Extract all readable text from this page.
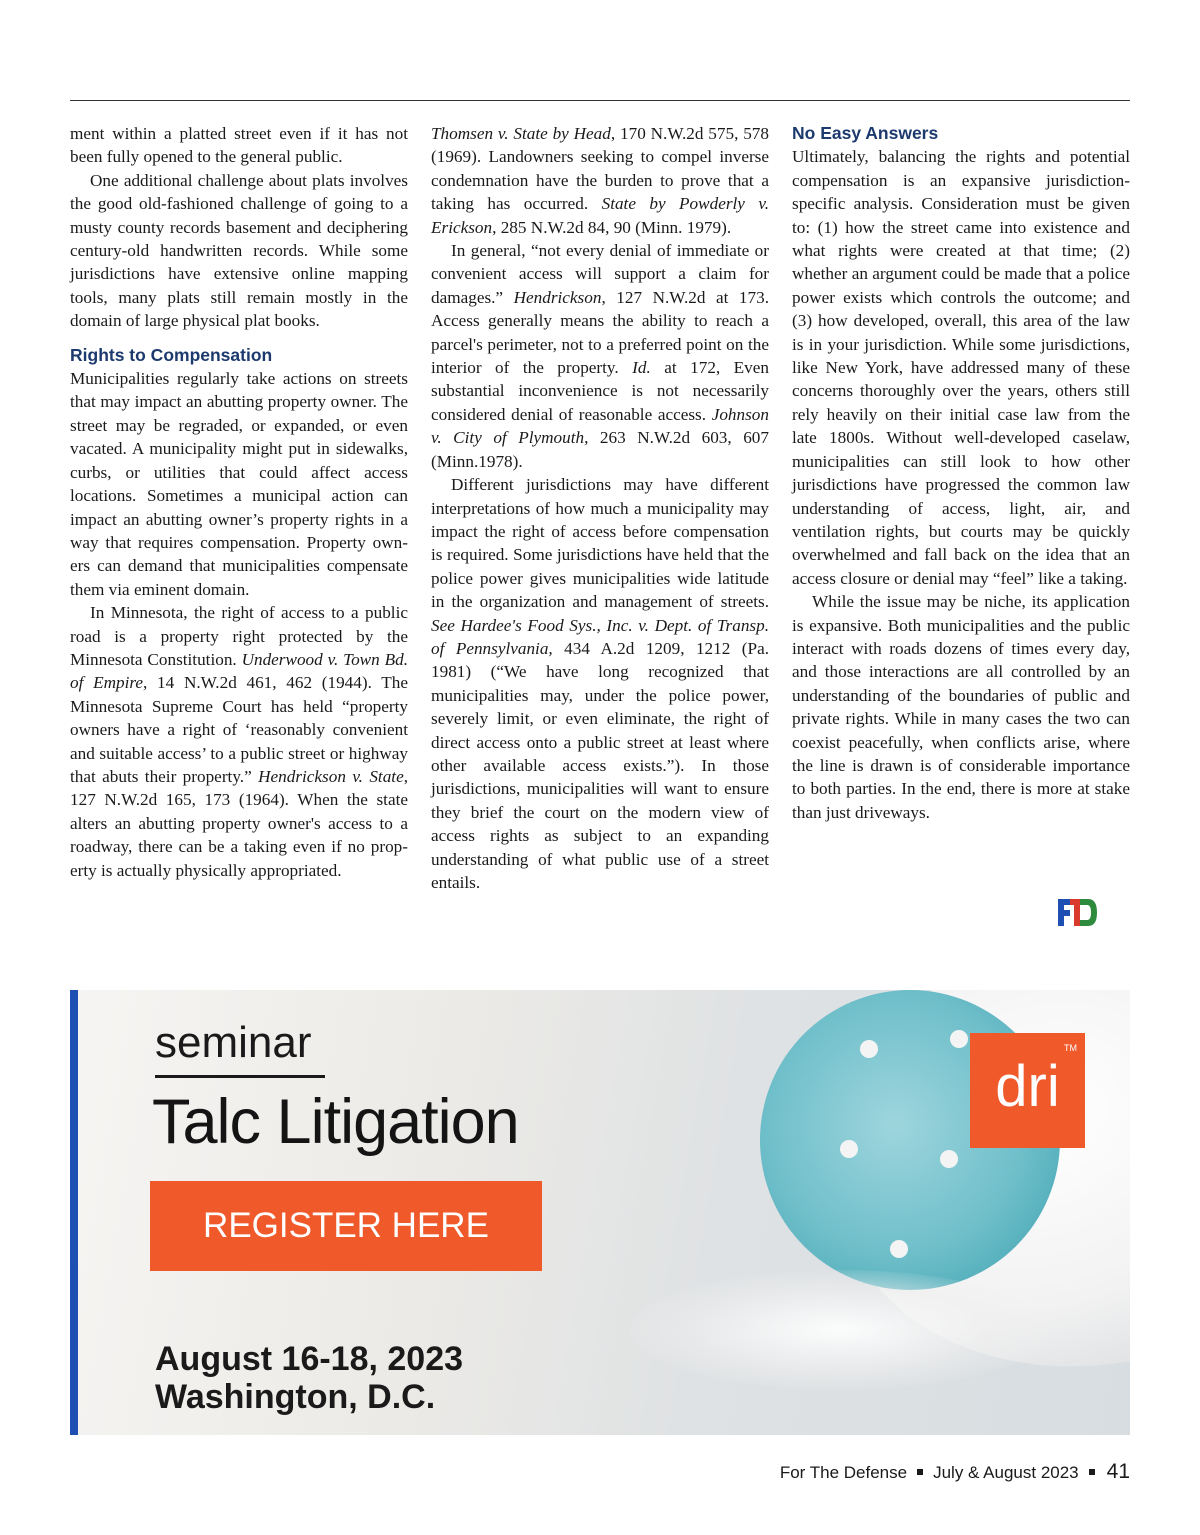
ment within a platted street even if it has not been fully opened to the general public.

One additional challenge about plats involves the good old-fashioned challenge of going to a musty county records basement and deciphering century-old handwritten records. While some jurisdictions have extensive online mapping tools, many plats still remain mostly in the domain of large physical plat books.

Rights to Compensation

Municipalities regularly take actions on streets that may impact an abutting property owner. The street may be regraded, or expanded, or even vacated. A municipality might put in sidewalks, curbs, or utilities that could affect access locations. Sometimes a municipal action can impact an abutting owner’s property rights in a way that requires compensation. Property owners can demand that municipalities compensate them via eminent domain.

In Minnesota, the right of access to a public road is a property right protected by the Minnesota Constitution. Underwood v. Town Bd. of Empire, 14 N.W.2d 461, 462 (1944). The Minnesota Supreme Court has held “property owners have a right of ‘reasonably convenient and suitable access’ to a public street or highway that abuts their property.” Hendrickson v. State, 127 N.W.2d 165, 173 (1964). When the state alters an abutting property owner's access to a roadway, there can be a taking even if no property is actually physically appropriated.

Thomsen v. State by Head, 170 N.W.2d 575, 578 (1969). Landowners seeking to compel inverse condemnation have the burden to prove that a taking has occurred. State by Powderly v. Erickson, 285 N.W.2d 84, 90 (Minn. 1979).

In general, “not every denial of immediate or convenient access will support a claim for damages.” Hendrickson, 127 N.W.2d at 173. Access generally means the ability to reach a parcel's perimeter, not to a preferred point on the interior of the property. Id. at 172, Even substantial inconvenience is not necessarily considered denial of reasonable access. Johnson v. City of Plymouth, 263 N.W.2d 603, 607 (Minn.1978).

Different jurisdictions may have different interpretations of how much a municipality may impact the right of access before compensation is required. Some jurisdictions have held that the police power gives municipalities wide latitude in the organization and management of streets. See Hardee's Food Sys., Inc. v. Dept. of Transp. of Pennsylvania, 434 A.2d 1209, 1212 (Pa. 1981) (“We have long recognized that municipalities may, under the police power, severely limit, or even eliminate, the right of direct access onto a public street at least where other available access exists.”). In those jurisdictions, municipalities will want to ensure they brief the court on the modern view of access rights as subject to an expanding understanding of what public use of a street entails.

No Easy Answers

Ultimately, balancing the rights and potential compensation is an expansive jurisdiction-specific analysis. Consideration must be given to: (1) how the street came into existence and what rights were created at that time; (2) whether an argument could be made that a police power exists which controls the outcome; and (3) how developed, overall, this area of the law is in your jurisdiction. While some jurisdictions, like New York, have addressed many of these concerns thoroughly over the years, others still rely heavily on their initial case law from the late 1800s. Without well-developed caselaw, municipalities can still look to how other jurisdictions have progressed the common law understanding of access, light, air, and ventilation rights, but courts may be quickly overwhelmed and fall back on the idea that an access closure or denial may “feel” like a taking.

While the issue may be niche, its application is expansive. Both municipalities and the public interact with roads dozens of times every day, and those interactions are all controlled by an understanding of the boundaries of public and private rights. While in many cases the two can coexist peacefully, when conflicts arise, where the line is drawn is of considerable importance to both parties. In the end, there is more at stake than just driveways.

seminar
Talc Litigation
REGISTER HERE
August 16-18, 2023
Washington, D.C.
dri
TM
For The Defense July & August 2023 41
